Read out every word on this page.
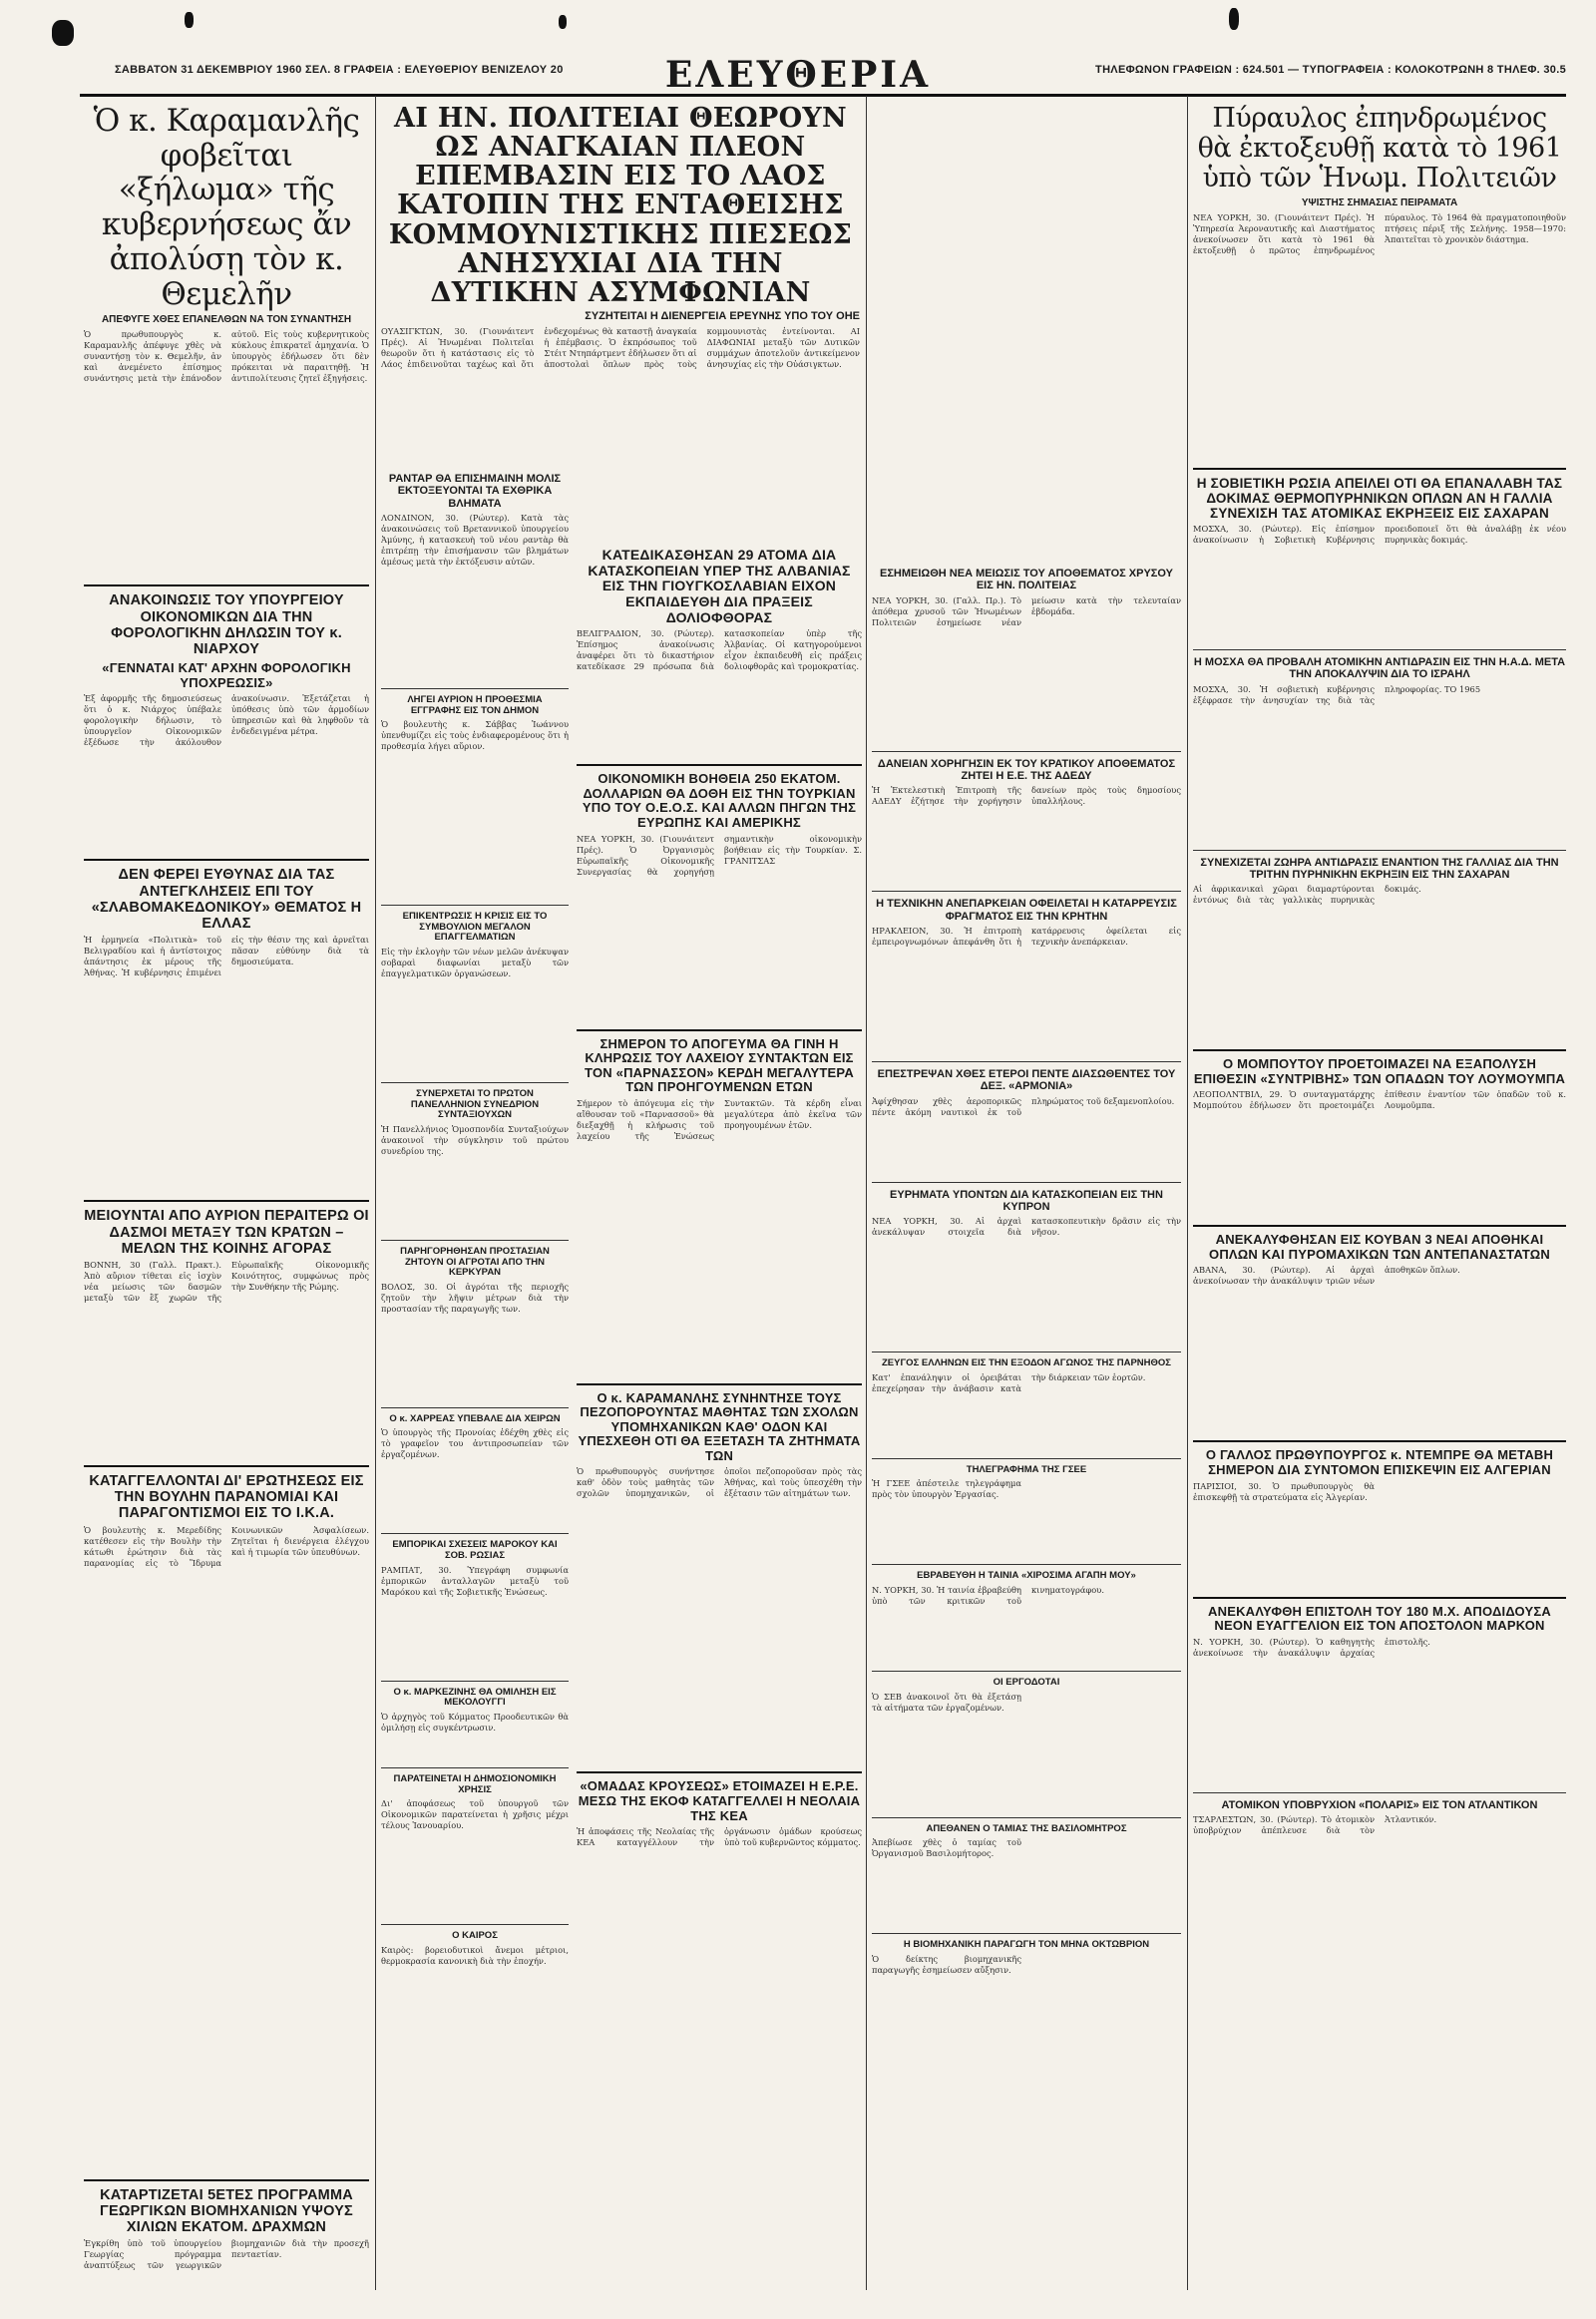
ΣΑΒΒΑΤΟΝ 31 ΔΕΚΕΜΒΡΙΟΥ 1960 ΣΕΛ. 8 ΓΡΑΦΕΙΑ : ΕΛΕΥΘΕΡΙΟΥ ΒΕΝΙΖΕΛΟΥ 20	ΕΛΕΥΘΕΡΙΑ	ΤΗΛΕΦΩΝΟΝ ΓΡΑΦΕΙΩΝ : 624.501 — ΤΥΠΟΓΡΑΦΕΙΑ : ΚΟΛΟΚΟΤΡΩΝΗ 8 ΤΗΛΕΦ. 30.5
Ὁ κ. Καραμανλῆς φοβεῖται «ξήλωμα» τῆς κυβερνήσεως ἄν ἀπολύσῃ τὸν κ. Θεμελῆν
ΑΠΕΦΥΓΕ ΧΘΕΣ ΕΠΑΝΕΛΘΩΝ ΝΑ ΤΟΝ ΣΥΝΑΝΤΗΣΗ
Ὁ πρωθυπουργὸς κ. Καραμανλῆς ἀπέφυγε χθὲς νὰ συναντήσῃ τὸν κ. Θεμελῆν, ἀν καὶ ἀνεμένετο ἐπίσημος συνάντησις μετὰ τὴν ἐπάνοδον αὐτοῦ. Εἰς τοὺς κυβερνητικοὺς κύκλους ἐπικρατεῖ ἀμηχανία. Ὁ ὑπουργὸς ἐδήλωσεν ὅτι δὲν πρόκειται νὰ παραιτηθῇ. Ἡ ἀντιπολίτευσις ζητεῖ ἐξηγήσεις.
ΑΝΑΚΟΙΝΩΣΙΣ ΤΟΥ ΥΠΟΥΡΓΕΙΟΥ ΟΙΚΟΝΟΜΙΚΩΝ ΔΙΑ ΤΗΝ ΦΟΡΟΛΟΓΙΚΗΝ ΔΗΛΩΣΙΝ ΤΟΥ κ. ΝΙΑΡΧΟΥ
«ΓΕΝΝΑΤΑΙ ΚΑΤ' ΑΡΧΗΝ ΦΟΡΟΛΟΓΙΚΗ ΥΠΟΧΡΕΩΣΙΣ»
Ἐξ ἀφορμῆς τῆς δημοσιεύσεως ὅτι ὁ κ. Νιάρχος ὑπέβαλε φορολογικὴν δήλωσιν, τὸ ὑπουργεῖον Οἰκονομικῶν ἐξέδωσε τὴν ἀκόλουθον ἀνακοίνωσιν. Ἐξετάζεται ἡ ὑπόθεσις ὑπὸ τῶν ἁρμοδίων ὑπηρεσιῶν καὶ θὰ ληφθοῦν τὰ ἐνδεδειγμένα μέτρα.
ΔΕΝ ΦΕΡΕΙ ΕΥΘΥΝΑΣ ΔΙΑ ΤΑΣ ΑΝΤΕΓΚΛΗΣΕΙΣ ΕΠΙ ΤΟΥ «ΣΛΑΒΟΜΑΚΕΔΟΝΙΚΟΥ» ΘΕΜΑΤΟΣ Η ΕΛΛΑΣ
Ἡ ἑρμηνεία «Πολιτικὰ» τοῦ Βελιγραδίου καὶ ἡ ἀντίστοιχος ἀπάντησις ἐκ μέρους τῆς Ἀθήνας. Ἡ κυβέρνησις ἐπιμένει εἰς τὴν θέσιν της καὶ ἀρνεῖται πᾶσαν εὐθύνην διὰ τὰ δημοσιεύματα.
ΜΕΙΟΥΝΤΑΙ ΑΠΟ ΑΥΡΙΟΝ ΠΕΡΑΙΤΕΡΩ ΟΙ ΔΑΣΜΟΙ ΜΕΤΑΞΥ ΤΩΝ ΚΡΑΤΩΝ – ΜΕΛΩΝ ΤΗΣ ΚΟΙΝΗΣ ΑΓΟΡΑΣ
ΒΟΝΝΗ, 30 (Γαλλ. Πρακτ.). Ἀπὸ αὔριον τίθεται εἰς ἰσχὺν νέα μείωσις τῶν δασμῶν μεταξὺ τῶν ἓξ χωρῶν τῆς Εὐρωπαϊκῆς Οἰκονομικῆς Κοινότητος, συμφώνως πρὸς τὴν Συνθήκην τῆς Ρώμης.
ΚΑΤΑΓΓΕΛΛΟΝΤΑΙ ΔΙ' ΕΡΩΤΗΣΕΩΣ ΕΙΣ ΤΗΝ ΒΟΥΛΗΝ ΠΑΡΑΝΟΜΙΑΙ ΚΑΙ ΠΑΡΑΓΟΝΤΙΣΜΟΙ ΕΙΣ ΤΟ Ι.Κ.Α.
Ὁ βουλευτὴς κ. Μερεδίδης κατέθεσεν εἰς τὴν Βουλὴν τὴν κάτωθι ἐρώτησιν διὰ τὰς παρανομίας εἰς τὸ Ἵδρυμα Κοινωνικῶν Ἀσφαλίσεων. Ζητεῖται ἡ διενέργεια ἐλέγχου καὶ ἡ τιμωρία τῶν ὑπευθύνων.
ΚΑΤΑΡΤΙΖΕΤΑΙ 5ΕΤΕΣ ΠΡΟΓΡΑΜΜΑ ΓΕΩΡΓΙΚΩΝ ΒΙΟΜΗΧΑΝΙΩΝ ΥΨΟΥΣ ΧΙΛΙΩΝ ΕΚΑΤΟΜ. ΔΡΑΧΜΩΝ
Ἐγκρίθη ὑπὸ τοῦ ὑπουργείου Γεωργίας πρόγραμμα ἀναπτύξεως τῶν γεωργικῶν βιομηχανιῶν διὰ τὴν προσεχῆ πενταετίαν.
ΑΙ ΗΝ. ΠΟΛΙΤΕΙΑΙ ΘΕΩΡΟΥΝ ΩΣ ΑΝΑΓΚΑΙΑΝ ΠΛΕΟΝ ΕΠΕΜΒΑΣΙΝ ΕΙΣ ΤΟ ΛΑΟΣ ΚΑΤΟΠΙΝ ΤΗΣ ΕΝΤΑΘΕΙΣΗΣ ΚΟΜΜΟΥΝΙΣΤΙΚΗΣ ΠΙΕΣΕΩΣ ΑΝΗΣΥΧΙΑΙ ΔΙΑ ΤΗΝ ΔΥΤΙΚΗΝ ΑΣΥΜΦΩΝΙΑΝ
ΣΥΖΗΤΕΙΤΑΙ Η ΔΙΕΝΕΡΓΕΙΑ ΕΡΕΥΝΗΣ ΥΠΟ ΤΟΥ ΟΗΕ
ΟΥΑΣΙΓΚΤΩΝ, 30. (Γιουνάιτεντ Πρές). Αἱ Ἡνωμέναι Πολιτεῖαι θεωροῦν ὅτι ἡ κατάστασις εἰς τὸ Λάος ἐπιδεινοῦται ταχέως καὶ ὅτι ἐνδεχομένως θὰ καταστῇ ἀναγκαία ἡ ἐπέμβασις. Ὁ ἐκπρόσωπος τοῦ Στέιτ Ντηπάρτμεντ ἐδήλωσεν ὅτι αἱ ἀποστολαὶ ὅπλων πρὸς τοὺς κομμουνιστὰς ἐντείνονται. ΑΙ ΔΙΑΦΩΝΙΑΙ μεταξὺ τῶν Δυτικῶν συμμάχων ἀποτελοῦν ἀντικείμενον ἀνησυχίας εἰς τὴν Οὐάσιγκτων.
ΡΑΝΤΑΡ ΘΑ ΕΠΙΣΗΜΑΙΝΗ ΜΟΛΙΣ ΕΚΤΟΞΕΥΟΝΤΑΙ ΤΑ ΕΧΘΡΙΚΑ ΒΛΗΜΑΤΑ
ΛΟΝΔΙΝΟΝ, 30. (Ρώυτερ). Κατὰ τὰς ἀνακοινώσεις τοῦ Βρεταννικοῦ ὑπουργείου Ἀμύνης, ἡ κατασκευὴ τοῦ νέου ραντὰρ θὰ ἐπιτρέπῃ τὴν ἐπισήμανσιν τῶν βλημάτων ἀμέσως μετὰ τὴν ἐκτόξευσιν αὐτῶν.
ΛΗΓΕΙ ΑΥΡΙΟΝ Η ΠΡΟΘΕΣΜΙΑ ΕΓΓΡΑΦΗΣ ΕΙΣ ΤΟΝ ΔΗΜΟΝ
Ὁ βουλευτὴς κ. Σάββας Ἰωάννου ὑπενθυμίζει εἰς τοὺς ἐνδιαφερομένους ὅτι ἡ προθεσμία λήγει αὔριον.
ΕΠΙΚΕΝΤΡΩΣΙΣ Η ΚΡΙΣΙΣ ΕΙΣ ΤΟ ΣΥΜΒΟΥΛΙΟΝ ΜΕΓΑΛΟΝ ΕΠΑΓΓΕΛΜΑΤΙΩΝ
Εἰς τὴν ἐκλογὴν τῶν νέων μελῶν ἀνέκυψαν σοβαραὶ διαφωνίαι μεταξὺ τῶν ἐπαγγελματικῶν ὀργανώσεων.
ΣΥΝΕΡΧΕΤΑΙ ΤΟ ΠΡΩΤΟΝ ΠΑΝΕΛΛΗΝΙΟΝ ΣΥΝΕΔΡΙΟΝ ΣΥΝΤΑΞΙΟΥΧΩΝ
Ἡ Πανελλήνιος Ὁμοσπονδία Συνταξιούχων ἀνακοινοῖ τὴν σύγκλησιν τοῦ πρώτου συνεδρίου της.
ΠΑΡΗΓΟΡΗΘΗΣΑΝ ΠΡΟΣΤΑΣΙΑΝ ΖΗΤΟΥΝ ΟΙ ΑΓΡΟΤΑΙ ΑΠΟ ΤΗΝ ΚΕΡΚΥΡΑΝ
ΒΟΛΟΣ, 30. Οἱ ἀγρόται τῆς περιοχῆς ζητοῦν τὴν λῆψιν μέτρων διὰ τὴν προστασίαν τῆς παραγωγῆς των.
Ο κ. ΧΑΡΡΕΑΣ ΥΠΕΒΑΛΕ ΔΙΑ ΧΕΙΡΩΝ
Ὁ ὑπουργὸς τῆς Προνοίας ἐδέχθη χθὲς εἰς τὸ γραφεῖον του ἀντιπροσωπείαν τῶν ἐργαζομένων.
ΕΜΠΟΡΙΚΑΙ ΣΧΕΣΕΙΣ ΜΑΡΟΚΟΥ ΚΑΙ ΣΟΒ. ΡΩΣΙΑΣ
ΡΑΜΠΑΤ, 30. Ὑπεγράφη συμφωνία ἐμπορικῶν ἀνταλλαγῶν μεταξὺ τοῦ Μαρόκου καὶ τῆς Σοβιετικῆς Ἑνώσεως.
Ο κ. ΜΑΡΚΕΖΙΝΗΣ ΘΑ ΟΜΙΛΗΣΗ ΕΙΣ ΜΕΚΟΛΟΥΓΓΙ
Ὁ ἀρχηγὸς τοῦ Κόμματος Προοδευτικῶν θὰ ὁμιλήσῃ εἰς συγκέντρωσιν.
ΠΑΡΑΤΕΙΝΕΤΑΙ Η ΔΗΜΟΣΙΟΝΟΜΙΚΗ ΧΡΗΣΙΣ
Δι' ἀποφάσεως τοῦ ὑπουργοῦ τῶν Οἰκονομικῶν παρατείνεται ἡ χρῆσις μέχρι τέλους Ἰανουαρίου.
Ο ΚΑΙΡΟΣ
Καιρὸς: βορειοδυτικοὶ ἄνεμοι μέτριοι, θερμοκρασία κανονικὴ διὰ τὴν ἐποχήν.
ΚΑΤΕΔΙΚΑΣΘΗΣΑΝ 29 ΑΤΟΜΑ ΔΙΑ ΚΑΤΑΣΚΟΠΕΙΑΝ ΥΠΕΡ ΤΗΣ ΑΛΒΑΝΙΑΣ ΕΙΣ ΤΗΝ ΓΙΟΥΓΚΟΣΛΑΒΙΑΝ ΕΙΧΟΝ ΕΚΠΑΙΔΕΥΘΗ ΔΙΑ ΠΡΑΞΕΙΣ ΔΟΛΙΟΦΘΟΡΑΣ
ΒΕΛΙΓΡΑΔΙΟΝ, 30. (Ρώυτερ). Ἐπίσημος ἀνακοίνωσις ἀναφέρει ὅτι τὸ δικαστήριον κατεδίκασε 29 πρόσωπα διὰ κατασκοπείαν ὑπὲρ τῆς Ἀλβανίας. Οἱ κατηγορούμενοι εἶχον ἐκπαιδευθῆ εἰς πράξεις δολιοφθορᾶς καὶ τρομοκρατίας.
ΟΙΚΟΝΟΜΙΚΗ ΒΟΗΘΕΙΑ 250 ΕΚΑΤΟΜ. ΔΟΛΛΑΡΙΩΝ ΘΑ ΔΟΘΗ ΕΙΣ ΤΗΝ ΤΟΥΡΚΙΑΝ ΥΠΟ ΤΟΥ Ο.Ε.Ο.Σ. ΚΑΙ ΑΛΛΩΝ ΠΗΓΩΝ ΤΗΣ ΕΥΡΩΠΗΣ ΚΑΙ ΑΜΕΡΙΚΗΣ
ΝΕΑ ΥΟΡΚΗ, 30. (Γιουνάιτεντ Πρές). Ὁ Ὀργανισμὸς Εὐρωπαϊκῆς Οἰκονομικῆς Συνεργασίας θὰ χορηγήσῃ σημαντικὴν οἰκονομικὴν βοήθειαν εἰς τὴν Τουρκίαν. Σ. ΓΡΑΝΙΤΣΑΣ
ΣΗΜΕΡΟΝ ΤΟ ΑΠΟΓΕΥΜΑ ΘΑ ΓΙΝΗ Η ΚΛΗΡΩΣΙΣ ΤΟΥ ΛΑΧΕΙΟΥ ΣΥΝΤΑΚΤΩΝ ΕΙΣ ΤΟΝ «ΠΑΡΝΑΣΣΟΝ» ΚΕΡΔΗ ΜΕΓΑΛΥΤΕΡΑ ΤΩΝ ΠΡΟΗΓΟΥΜΕΝΩΝ ΕΤΩΝ
Σήμερον τὸ ἀπόγευμα εἰς τὴν αἴθουσαν τοῦ «Παρνασσοῦ» θὰ διεξαχθῇ ἡ κλήρωσις τοῦ λαχείου τῆς Ἑνώσεως Συντακτῶν. Τὰ κέρδη εἶναι μεγαλύτερα ἀπὸ ἐκεῖνα τῶν προηγουμένων ἐτῶν.
Ο κ. ΚΑΡΑΜΑΝΛΗΣ ΣΥΝΗΝΤΗΣΕ ΤΟΥΣ ΠΕΖΟΠΟΡΟΥΝΤΑΣ ΜΑΘΗΤΑΣ ΤΩΝ ΣΧΟΛΩΝ ΥΠΟΜΗΧΑΝΙΚΩΝ ΚΑΘ' ΟΔΟΝ ΚΑΙ ΥΠΕΣΧΕΘΗ ΟΤΙ ΘΑ ΕΞΕΤΑΣΗ ΤΑ ΖΗΤΗΜΑΤΑ ΤΩΝ
Ὁ πρωθυπουργὸς συνήντησε καθ' ὁδὸν τοὺς μαθητὰς τῶν σχολῶν ὑπομηχανικῶν, οἱ ὁποῖοι πεζοποροῦσαν πρὸς τὰς Ἀθήνας, καὶ τοὺς ὑπεσχέθη τὴν ἐξέτασιν τῶν αἰτημάτων των.
«ΟΜΑΔΑΣ ΚΡΟΥΣΕΩΣ» ΕΤΟΙΜΑΖΕΙ Η Ε.Ρ.Ε. ΜΕΣΩ ΤΗΣ ΕΚΟΦ ΚΑΤΑΓΓΕΛΛΕΙ Η ΝΕΟΛΑΙΑ ΤΗΣ ΚΕΑ
Ἡ ἀποφάσεις τῆς Νεολαίας τῆς ΚΕΑ καταγγέλλουν τὴν ὀργάνωσιν ὁμάδων κρούσεως ὑπὸ τοῦ κυβερνῶντος κόμματος.
ΕΣΗΜΕΙΩΘΗ ΝΕΑ ΜΕΙΩΣΙΣ ΤΟΥ ΑΠΟΘΕΜΑΤΟΣ ΧΡΥΣΟΥ ΕΙΣ ΗΝ. ΠΟΛΙΤΕΙΑΣ
ΝΕΑ ΥΟΡΚΗ, 30. (Γαλλ. Πρ.). Τὸ ἀπόθεμα χρυσοῦ τῶν Ἡνωμένων Πολιτειῶν ἐσημείωσε νέαν μείωσιν κατὰ τὴν τελευταίαν ἑβδομάδα.
ΔΑΝΕΙΑΝ ΧΟΡΗΓΗΣΙΝ ΕΚ ΤΟΥ ΚΡΑΤΙΚΟΥ ΑΠΟΘΕΜΑΤΟΣ ΖΗΤΕΙ Η Ε.Ε. ΤΗΣ ΑΔΕΔΥ
Ἡ Ἐκτελεστικὴ Ἐπιτροπὴ τῆς ΑΔΕΔΥ ἐζήτησε τὴν χορήγησιν δανείων πρὸς τοὺς δημοσίους ὑπαλλήλους.
Η ΤΕΧΝΙΚΗΝ ΑΝΕΠΑΡΚΕΙΑΝ ΟΦΕΙΛΕΤΑΙ Η ΚΑΤΑΡΡΕΥΣΙΣ ΦΡΑΓΜΑΤΟΣ ΕΙΣ ΤΗΝ ΚΡΗΤΗΝ
ΗΡΑΚΛΕΙΟΝ, 30. Ἡ ἐπιτροπὴ ἐμπειρογνωμόνων ἀπεφάνθη ὅτι ἡ κατάρρευσις ὀφείλεται εἰς τεχνικὴν ἀνεπάρκειαν.
ΕΠΕΣΤΡΕΨΑΝ ΧΘΕΣ ΕΤΕΡΟΙ ΠΕΝΤΕ ΔΙΑΣΩΘΕΝΤΕΣ ΤΟΥ ΔΕΞ. «ΑΡΜΟΝΙΑ»
Ἀφίχθησαν χθὲς ἀεροπορικῶς πέντε ἀκόμη ναυτικοὶ ἐκ τοῦ πληρώματος τοῦ δεξαμενοπλοίου.
ΕΥΡΗΜΑΤΑ ΥΠΟΝΤΩΝ ΔΙΑ ΚΑΤΑΣΚΟΠΕΙΑΝ ΕΙΣ ΤΗΝ ΚΥΠΡΟΝ
ΝΕΑ ΥΟΡΚΗ, 30. Αἱ ἀρχαὶ ἀνεκάλυψαν στοιχεῖα διὰ κατασκοπευτικὴν δρᾶσιν εἰς τὴν νῆσον.
ΖΕΥΓΟΣ ΕΛΛΗΝΩΝ ΕΙΣ ΤΗΝ ΕΞΟΔΟΝ ΑΓΩΝΟΣ ΤΗΣ ΠΑΡΝΗΘΟΣ
Κατ' ἐπανάληψιν οἱ ὀρειβάται ἐπεχείρησαν τὴν ἀνάβασιν κατὰ τὴν διάρκειαν τῶν ἑορτῶν.
ΤΗΛΕΓΡΑΦΗΜΑ ΤΗΣ ΓΣΕΕ
Ἡ ΓΣΕΕ ἀπέστειλε τηλεγράφημα πρὸς τὸν ὑπουργὸν Ἐργασίας.
ΕΒΡΑΒΕΥΘΗ Η ΤΑΙΝΙΑ «ΧΙΡΟΣΙΜΑ ΑΓΑΠΗ ΜΟΥ»
Ν. ΥΟΡΚΗ, 30. Ἡ ταινία ἐβραβεύθη ὑπὸ τῶν κριτικῶν τοῦ κινηματογράφου.
ΟΙ ΕΡΓΟΔΟΤΑΙ
Ὁ ΣΕΒ ἀνακοινοῖ ὅτι θὰ ἐξετάσῃ τὰ αἰτήματα τῶν ἐργαζομένων.
ΑΠΕΘΑΝΕΝ Ο ΤΑΜΙΑΣ ΤΗΣ ΒΑΣΙΛΟΜΗΤΡΟΣ
Ἀπεβίωσε χθὲς ὁ ταμίας τοῦ Ὀργανισμοῦ Βασιλομήτορος.
Η ΒΙΟΜΗΧΑΝΙΚΗ ΠΑΡΑΓΩΓΗ ΤΟΝ ΜΗΝΑ ΟΚΤΩΒΡΙΟΝ
Ὁ δείκτης βιομηχανικῆς παραγωγῆς ἐσημείωσεν αὔξησιν.
Πύραυλος ἐπηνδρωμένος θὰ ἐκτοξευθῇ κατὰ τὸ 1961 ὑπὸ τῶν Ἡνωμ. Πολιτειῶν
ΥΨΙΣΤΗΣ ΣΗΜΑΣΙΑΣ ΠΕΙΡΑΜΑΤΑ
ΝΕΑ ΥΟΡΚΗ, 30. (Γιουνάιτεντ Πρές). Ἡ Ὑπηρεσία Ἀεροναυτικῆς καὶ Διαστήματος ἀνεκοίνωσεν ὅτι κατὰ τὸ 1961 θὰ ἐκτοξευθῇ ὁ πρῶτος ἐπηνδρωμένος πύραυλος. Τὸ 1964 θὰ πραγματοποιηθοῦν πτήσεις πέριξ τῆς Σελήνης. 1958—1970: Ἀπαιτεῖται τὸ χρονικὸν διάστημα.
Η ΣΟΒΙΕΤΙΚΗ ΡΩΣΙΑ ΑΠΕΙΛΕΙ ΟΤΙ ΘΑ ΕΠΑΝΑΛΑΒΗ ΤΑΣ ΔΟΚΙΜΑΣ ΘΕΡΜΟΠΥΡΗΝΙΚΩΝ ΟΠΛΩΝ ΑΝ Η ΓΑΛΛΙΑ ΣΥΝΕΧΙΣΗ ΤΑΣ ΑΤΟΜΙΚΑΣ ΕΚΡΗΞΕΙΣ ΕΙΣ ΣΑΧΑΡΑΝ
ΜΟΣΧΑ, 30. (Ρώυτερ). Εἰς ἐπίσημον ἀνακοίνωσιν ἡ Σοβιετικὴ Κυβέρνησις προειδοποιεῖ ὅτι θὰ ἀναλάβῃ ἐκ νέου πυρηνικὰς δοκιμάς.
Η ΜΟΣΧΑ ΘΑ ΠΡΟΒΑΛΗ ΑΤΟΜΙΚΗΝ ΑΝΤΙΔΡΑΣΙΝ ΕΙΣ ΤΗΝ Η.Α.Δ. ΜΕΤΑ ΤΗΝ ΑΠΟΚΑΛΥΨΙΝ ΔΙΑ ΤΟ ΙΣΡΑΗΛ
ΜΟΣΧΑ, 30. Ἡ σοβιετικὴ κυβέρνησις ἐξέφρασε τὴν ἀνησυχίαν της διὰ τὰς πληροφορίας. ΤΟ 1965
ΣΥΝΕΧΙΖΕΤΑΙ ΖΩΗΡΑ ΑΝΤΙΔΡΑΣΙΣ ΕΝΑΝΤΙΟΝ ΤΗΣ ΓΑΛΛΙΑΣ ΔΙΑ ΤΗΝ ΤΡΙΤΗΝ ΠΥΡΗΝΙΚΗΝ ΕΚΡΗΞΙΝ ΕΙΣ ΤΗΝ ΣΑΧΑΡΑΝ
Αἱ ἀφρικανικαὶ χῶραι διαμαρτύρονται ἐντόνως διὰ τὰς γαλλικὰς πυρηνικὰς δοκιμάς.
Ο ΜΟΜΠΟΥΤΟΥ ΠΡΟΕΤΟΙΜΑΖΕΙ ΝΑ ΕΞΑΠΟΛΥΣΗ ΕΠΙΘΕΣΙΝ «ΣΥΝΤΡΙΒΗΣ» ΤΩΝ ΟΠΑΔΩΝ ΤΟΥ ΛΟΥΜΟΥΜΠΑ
ΛΕΟΠΟΛΝΤΒΙΛ, 29. Ὁ συνταγματάρχης Μομπούτου ἐδήλωσεν ὅτι προετοιμάζει ἐπίθεσιν ἐναντίον τῶν ὀπαδῶν τοῦ κ. Λουμοῦμπα.
ΑΝΕΚΑΛΥΦΘΗΣΑΝ ΕΙΣ ΚΟΥΒΑΝ 3 ΝΕΑΙ ΑΠΟΘΗΚΑΙ ΟΠΛΩΝ ΚΑΙ ΠΥΡΟΜΑΧΙΚΩΝ ΤΩΝ ΑΝΤΕΠΑΝΑΣΤΑΤΩΝ
ΑΒΑΝΑ, 30. (Ρώυτερ). Αἱ ἀρχαὶ ἀνεκοίνωσαν τὴν ἀνακάλυψιν τριῶν νέων ἀποθηκῶν ὅπλων.
Ο ΓΑΛΛΟΣ ΠΡΩΘΥΠΟΥΡΓΟΣ κ. ΝΤΕΜΠΡΕ ΘΑ ΜΕΤΑΒΗ ΣΗΜΕΡΟΝ ΔΙΑ ΣΥΝΤΟΜΟΝ ΕΠΙΣΚΕΨΙΝ ΕΙΣ ΑΛΓΕΡΙΑΝ
ΠΑΡΙΣΙΟΙ, 30. Ὁ πρωθυπουργὸς θὰ ἐπισκεφθῇ τὰ στρατεύματα εἰς Ἀλγερίαν.
ΑΝΕΚΑΛΥΦΘΗ ΕΠΙΣΤΟΛΗ ΤΟΥ 180 Μ.Χ. ΑΠΟΔΙΔΟΥΣΑ ΝΕΟΝ ΕΥΑΓΓΕΛΙΟΝ ΕΙΣ ΤΟΝ ΑΠΟΣΤΟΛΟΝ ΜΑΡΚΟΝ
Ν. ΥΟΡΚΗ, 30. (Ρώυτερ). Ὁ καθηγητὴς ἀνεκοίνωσε τὴν ἀνακάλυψιν ἀρχαίας ἐπιστολῆς.
ΑΤΟΜΙΚΟΝ ΥΠΟΒΡΥΧΙΟΝ «ΠΟΛΑΡΙΣ» ΕΙΣ ΤΟΝ ΑΤΛΑΝΤΙΚΟΝ
ΤΣΑΡΛΕΣΤΩΝ, 30. (Ρώυτερ). Τὸ ἀτομικὸν ὑποβρύχιον ἀπέπλευσε διὰ τὸν Ἀτλαντικόν.
